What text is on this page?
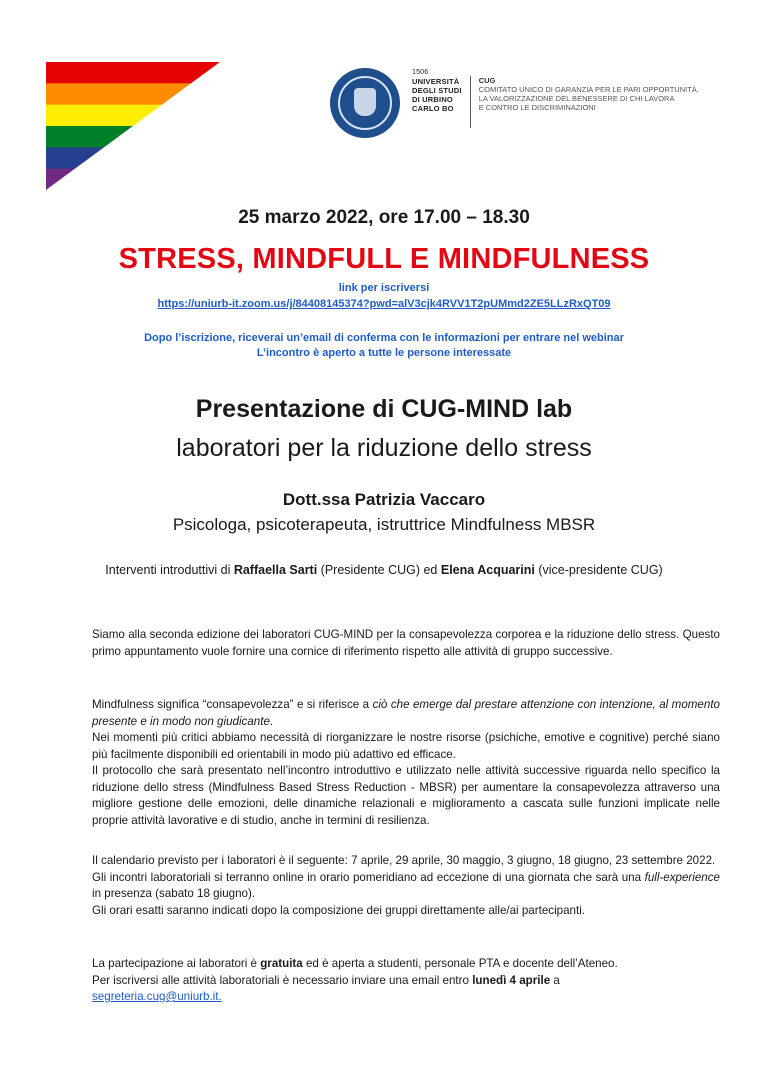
1506
UNIVERSITÀ
DEGLI STUDI
DI URBINO
CARLO BO
CUG
COMITATO UNICO DI GARANZIA PER LE PARI OPPORTUNITÀ,
LA VALORIZZAZIONE DEL BENESSERE DI CHI LAVORA
E CONTRO LE DISCRIMINAZIONI
25 marzo 2022, ore 17.00 – 18.30
STRESS, MINDFULL E MINDFULNESS
link per iscriversi
https://uniurb-it.zoom.us/j/84408145374?pwd=alV3cjk4RVV1T2pUMmd2ZE5LLzRxQT09
Dopo l’iscrizione, riceverai un’email di conferma con le informazioni per entrare nel webinar
L’incontro è aperto a tutte le persone interessate
Presentazione di CUG-MIND lab
laboratori per la riduzione dello stress
Dott.ssa Patrizia Vaccaro
Psicologa, psicoterapeuta, istruttrice Mindfulness MBSR
Interventi introduttivi di Raffaella Sarti (Presidente CUG) ed Elena Acquarini (vice-presidente CUG)

Siamo alla seconda edizione dei laboratori CUG-MIND per la consapevolezza corporea e la riduzione dello stress. Questo primo appuntamento vuole fornire una cornice di riferimento rispetto alle attività di gruppo successive.

Mindfulness significa “consapevolezza” e si riferisce a ciò che emerge dal prestare attenzione con intenzione, al momento presente e in modo non giudicante.

Nei momenti più critici abbiamo necessità di riorganizzare le nostre risorse (psichiche, emotive e cognitive) perché siano più facilmente disponibili ed orientabili in modo più adattivo ed efficace.

Il protocollo che sarà presentato nell’incontro introduttivo e utilizzato nelle attività successive riguarda nello specifico la riduzione dello stress (Mindfulness Based Stress Reduction - MBSR) per aumentare la consapevolezza attraverso una migliore gestione delle emozioni, delle dinamiche relazionali e miglioramento a cascata sulle funzioni implicate nelle proprie attività lavorative e di studio, anche in termini di resilienza.

Il calendario previsto per i laboratori è il seguente: 7 aprile, 29 aprile, 30 maggio, 3 giugno, 18 giugno, 23 settembre 2022.

Gli incontri laboratoriali si terranno online in orario pomeridiano ad eccezione di una giornata che sarà una full-experience in presenza (sabato 18 giugno).

Gli orari esatti saranno indicati dopo la composizione dei gruppi direttamente alle/ai partecipanti.

La partecipazione ai laboratori è gratuita ed è aperta a studenti, personale PTA e docente dell’Ateneo.

Per iscriversi alle attività laboratoriali è necessario inviare una email entro lunedì 4 aprile a
segreteria.cug@uniurb.it.
